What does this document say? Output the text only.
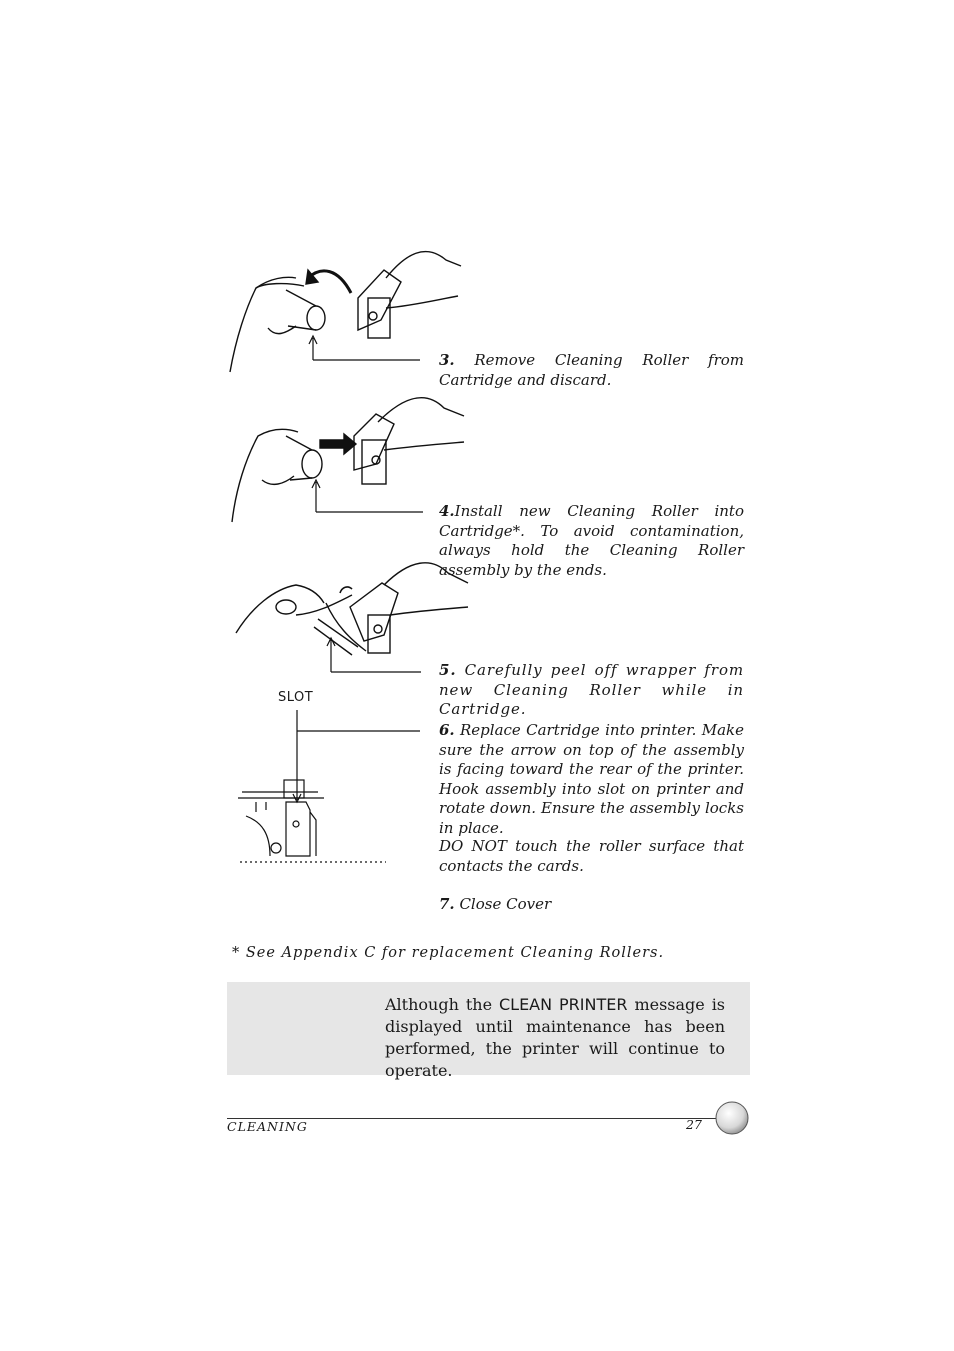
SLOT
3. Remove Cleaning Roller from Cartridge and discard.
4.Install new Cleaning Roller into Cartridge*. To avoid contamination, always hold the Cleaning Roller assembly by the ends.
5. Carefully peel off wrapper from new Cleaning Roller while in Cartridge.
6. Replace Cartridge into printer. Make sure the arrow on top of the assembly is facing toward the rear of the printer. Hook assembly into slot on printer and rotate down. Ensure the assembly locks in place.
DO NOT touch the roller surface that contacts the cards.
7. Close Cover
* See Appendix C for replacement Cleaning Rollers.
Although the CLEAN PRINTER message is displayed until maintenance has been performed, the printer will continue to operate.
CLEANING	27
